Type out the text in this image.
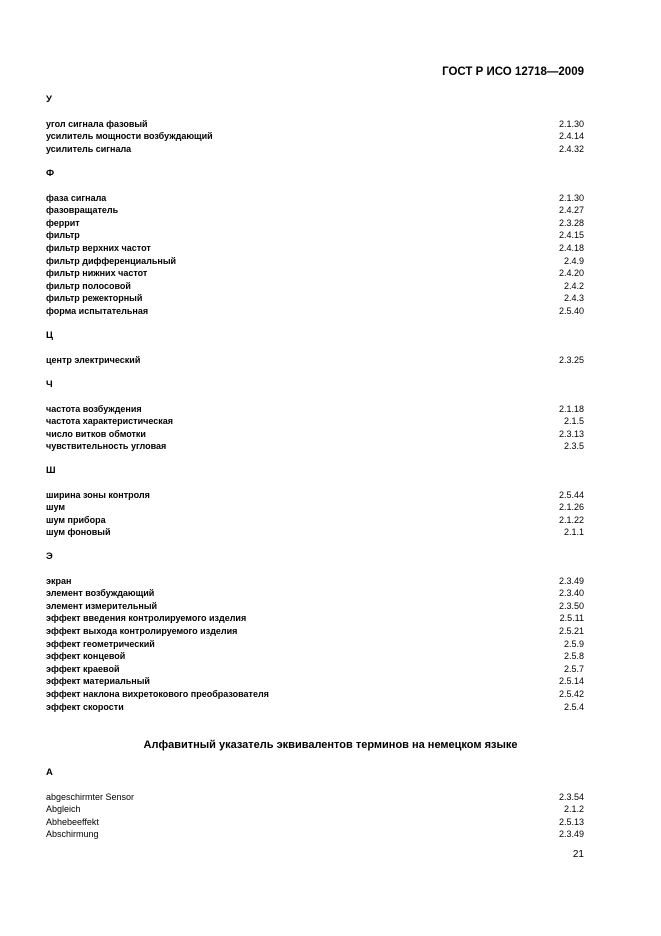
ГОСТ Р ИСО 12718—2009
У
угол сигнала фазовый	2.1.30
усилитель мощности возбуждающий	2.4.14
усилитель сигнала	2.4.32
Ф
фаза сигнала	2.1.30
фазовращатель	2.4.27
феррит	2.3.28
фильтр	2.4.15
фильтр верхних частот	2.4.18
фильтр дифференциальный	2.4.9
фильтр нижних частот	2.4.20
фильтр полосовой	2.4.2
фильтр режекторный	2.4.3
форма испытательная	2.5.40
Ц
центр электрический	2.3.25
Ч
частота возбуждения	2.1.18
частота характеристическая	2.1.5
число витков обмотки	2.3.13
чувствительность угловая	2.3.5
Ш
ширина зоны контроля	2.5.44
шум	2.1.26
шум прибора	2.1.22
шум фоновый	2.1.1
Э
экран	2.3.49
элемент возбуждающий	2.3.40
элемент измерительный	2.3.50
эффект введения контролируемого изделия	2.5.11
эффект выхода контролируемого изделия	2.5.21
эффект геометрический	2.5.9
эффект концевой	2.5.8
эффект краевой	2.5.7
эффект материальный	2.5.14
эффект наклона вихретокового преобразователя	2.5.42
эффект скорости	2.5.4
Алфавитный указатель эквивалентов терминов на немецком языке
A
abgeschirmter Sensor	2.3.54
Abgleich	2.1.2
Abhebeeffekt	2.5.13
Abschirmung	2.3.49
21
